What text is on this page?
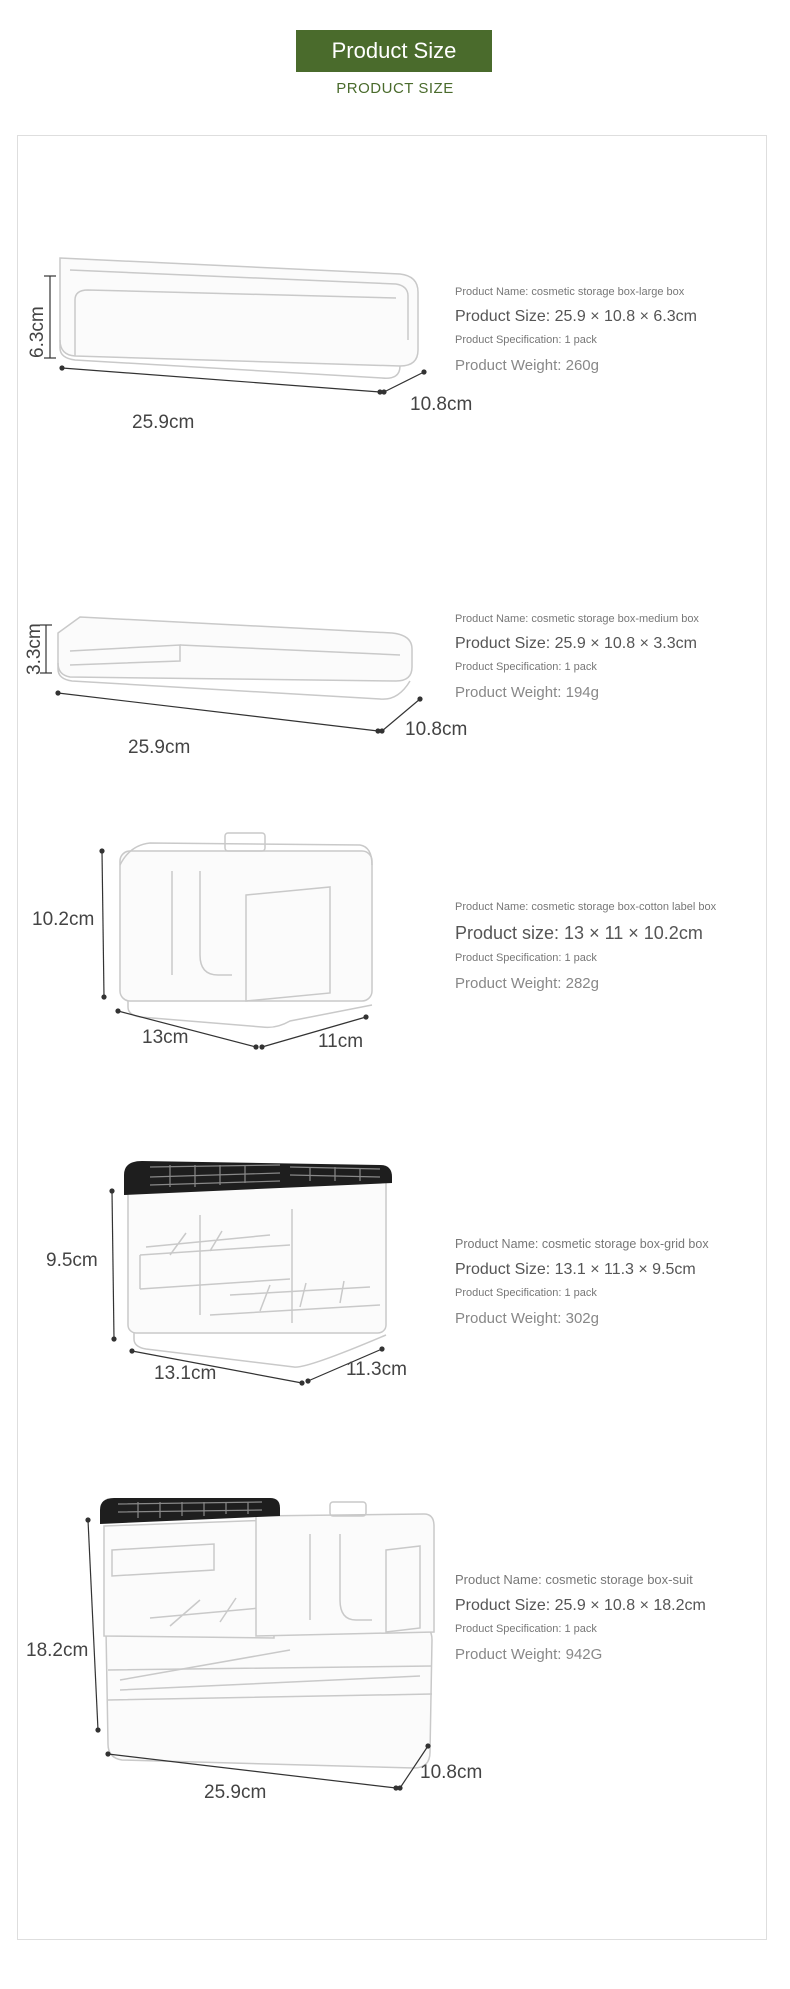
Product Size
PRODUCT SIZE
6.3cm
25.9cm
10.8cm
Product Name: cosmetic storage box-large box
Product Size: 25.9 × 10.8 × 6.3cm
Product Specification: 1 pack
Product Weight: 260g
3.3cm
25.9cm
10.8cm
Product Name: cosmetic storage box-medium box
Product Size: 25.9 × 10.8 × 3.3cm
Product Specification: 1 pack
Product Weight: 194g
10.2cm
13cm	11cm
Product Name: cosmetic storage box-cotton label box
Product size: 13 × 11 × 10.2cm
Product Specification: 1 pack
Product Weight: 282g
9.5cm
13.1cm	11.3cm
Product Name: cosmetic storage box-grid box
Product Size: 13.1 × 11.3 × 9.5cm
Product Specification: 1 pack
Product Weight: 302g
18.2cm
25.9cm
10.8cm
Product Name: cosmetic storage box-suit
Product Size: 25.9 × 10.8 × 18.2cm
Product Specification: 1 pack
Product Weight: 942G
